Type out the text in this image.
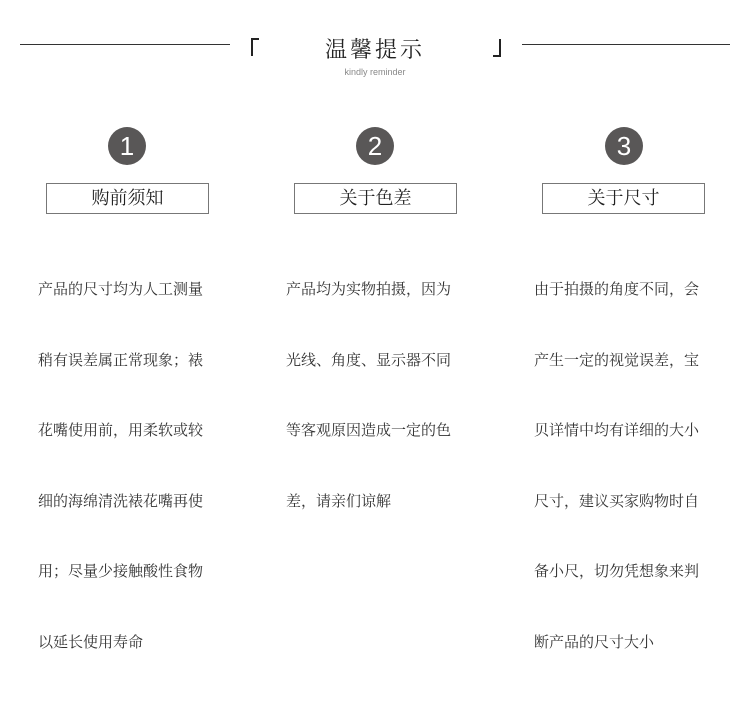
温馨提示
kindly reminder
1
购前须知

产品的尺寸均为人工测量

稍有误差属正常现象；裱

花嘴使用前，用柔软或较

细的海绵清洗裱花嘴再使

用；尽量少接触酸性食物

以延长使用寿命

2
关于色差

产品均为实物拍摄，因为

光线、角度、显示器不同

等客观原因造成一定的色

差，请亲们谅解

3
关于尺寸

由于拍摄的角度不同，会

产生一定的视觉误差，宝

贝详情中均有详细的大小

尺寸，建议买家购物时自

备小尺，切勿凭想象来判

断产品的尺寸大小
